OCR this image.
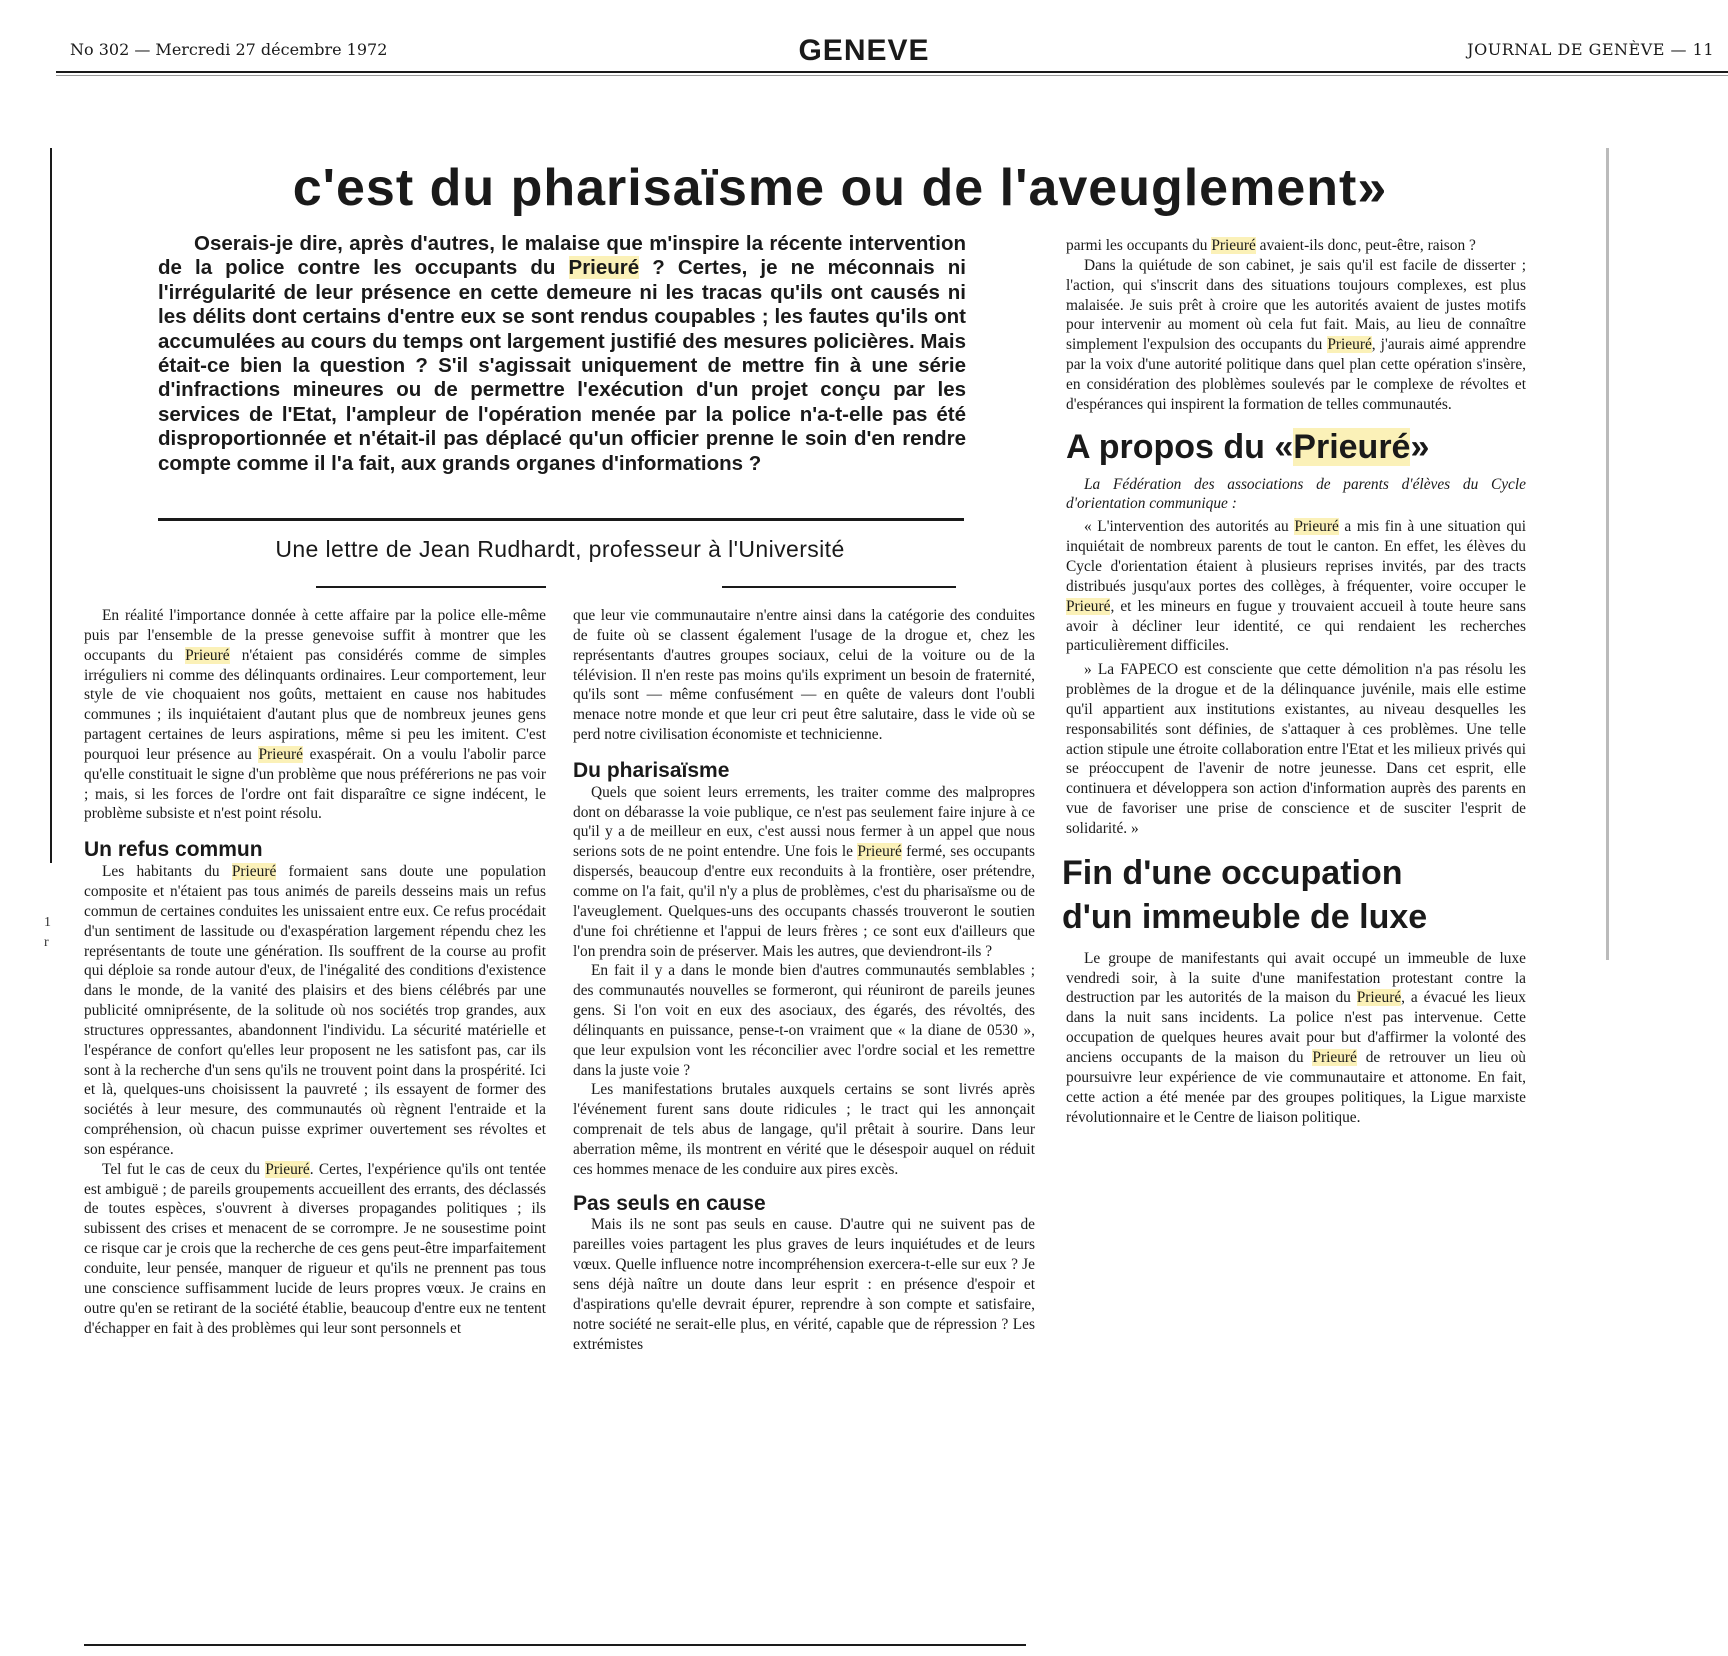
No 302 — Mercredi 27 décembre 1972	GENEVE	JOURNAL DE GENÈVE — 11
1
r
c'est du pharisaïsme ou de l'aveuglement»
Oserais-je dire, après d'autres, le malaise que m'inspire la récente intervention de la police contre les occupants du Prieuré ? Certes, je ne méconnais ni l'irrégularité de leur présence en cette demeure ni les tracas qu'ils ont causés ni les délits dont certains d'entre eux se sont rendus coupables ; les fautes qu'ils ont accumulées au cours du temps ont largement justifié des mesures policières. Mais était-ce bien la question ? S'il s'agissait uniquement de mettre fin à une série d'infractions mineures ou de permettre l'exécution d'un projet conçu par les services de l'Etat, l'ampleur de l'opération menée par la police n'a-t-elle pas été disproportionnée et n'était-il pas déplacé qu'un officier prenne le soin d'en rendre compte comme il l'a fait, aux grands organes d'informations ?
Une lettre de Jean Rudhardt, professeur à l'Université

En réalité l'importance donnée à cette affaire par la police elle-même puis par l'ensemble de la presse genevoise suffit à montrer que les occupants du Prieuré n'étaient pas considérés comme de simples irréguliers ni comme des délinquants ordinaires. Leur comportement, leur style de vie choquaient nos goûts, mettaient en cause nos habitudes communes ; ils inquiétaient d'autant plus que de nombreux jeunes gens partagent certaines de leurs aspirations, même si peu les imitent. C'est pourquoi leur présence au Prieuré exaspérait. On a voulu l'abolir parce qu'elle constituait le signe d'un problème que nous préférerions ne pas voir ; mais, si les forces de l'ordre ont fait disparaître ce signe indécent, le problème subsiste et n'est point résolu.

Un refus commun

Les habitants du Prieuré formaient sans doute une population composite et n'étaient pas tous animés de pareils desseins mais un refus commun de certaines conduites les unissaient entre eux. Ce refus procédait d'un sentiment de lassitude ou d'exaspération largement répendu chez les représentants de toute une génération. Ils souffrent de la course au profit qui déploie sa ronde autour d'eux, de l'inégalité des conditions d'existence dans le monde, de la vanité des plaisirs et des biens célébrés par une publicité omniprésente, de la solitude où nos sociétés trop grandes, aux structures oppressantes, abandonnent l'individu. La sécurité matérielle et l'espérance de confort qu'elles leur proposent ne les satisfont pas, car ils sont à la recherche d'un sens qu'ils ne trouvent point dans la prospérité. Ici et là, quelques-uns choisissent la pauvreté ; ils essayent de former des sociétés à leur mesure, des communautés où règnent l'entraide et la compréhension, où chacun puisse exprimer ouvertement ses révoltes et son espérance.

Tel fut le cas de ceux du Prieuré. Certes, l'expérience qu'ils ont tentée est ambiguë ; de pareils groupements accueillent des errants, des déclassés de toutes espèces, s'ouvrent à diverses propagandes politiques ; ils subissent des crises et menacent de se corrompre. Je ne sousestime point ce risque car je crois que la recherche de ces gens peut-être imparfaitement conduite, leur pensée, manquer de rigueur et qu'ils ne prennent pas tous une conscience suffisamment lucide de leurs propres vœux. Je crains en outre qu'en se retirant de la société établie, beaucoup d'entre eux ne tentent d'échapper en fait à des problèmes qui leur sont personnels et

que leur vie communautaire n'entre ainsi dans la catégorie des conduites de fuite où se classent également l'usage de la drogue et, chez les représentants d'autres groupes sociaux, celui de la voiture ou de la télévision. Il n'en reste pas moins qu'ils expriment un besoin de fraternité, qu'ils sont — même confusément — en quête de valeurs dont l'oubli menace notre monde et que leur cri peut être salutaire, dass le vide où se perd notre civilisation économiste et technicienne.

Du pharisaïsme

Quels que soient leurs errements, les traiter comme des malpropres dont on débarasse la voie publique, ce n'est pas seulement faire injure à ce qu'il y a de meilleur en eux, c'est aussi nous fermer à un appel que nous serions sots de ne point entendre. Une fois le Prieuré fermé, ses occupants dispersés, beaucoup d'entre eux reconduits à la frontière, oser prétendre, comme on l'a fait, qu'il n'y a plus de problèmes, c'est du pharisaïsme ou de l'aveuglement. Quelques-uns des occupants chassés trouveront le soutien d'une foi chrétienne et l'appui de leurs frères ; ce sont eux d'ailleurs que l'on prendra soin de préserver. Mais les autres, que deviendront-ils ?

En fait il y a dans le monde bien d'autres communautés semblables ; des communautés nouvelles se formeront, qui réuniront de pareils jeunes gens. Si l'on voit en eux des asociaux, des égarés, des révoltés, des délinquants en puissance, pense-t-on vraiment que « la diane de 0530 », que leur expulsion vont les réconcilier avec l'ordre social et les remettre dans la juste voie ?

Les manifestations brutales auxquels certains se sont livrés après l'événement furent sans doute ridicules ; le tract qui les annonçait comprenait de tels abus de langage, qu'il prêtait à sourire. Dans leur aberration même, ils montrent en vérité que le désespoir auquel on réduit ces hommes menace de les conduire aux pires excès.

Pas seuls en cause

Mais ils ne sont pas seuls en cause. D'autre qui ne suivent pas de pareilles voies partagent les plus graves de leurs inquiétudes et de leurs vœux. Quelle influence notre incompréhension exercera-t-elle sur eux ? Je sens déjà naître un doute dans leur esprit : en présence d'espoir et d'aspirations qu'elle devrait épurer, reprendre à son compte et satisfaire, notre société ne serait-elle plus, en vérité, capable que de répression ? Les extrémistes

parmi les occupants du Prieuré avaient-ils donc, peut-être, raison ?

Dans la quiétude de son cabinet, je sais qu'il est facile de disserter ; l'action, qui s'inscrit dans des situations toujours complexes, est plus malaisée. Je suis prêt à croire que les autorités avaient de justes motifs pour intervenir au moment où cela fut fait. Mais, au lieu de connaître simplement l'expulsion des occupants du Prieuré, j'aurais aimé apprendre par la voix d'une autorité politique dans quel plan cette opération s'insère, en considération des ploblèmes soulevés par le complexe de révoltes et d'espérances qui inspirent la formation de telles communautés.

A propos du «Prieuré»

La Fédération des associations de parents d'élèves du Cycle d'orientation communique :

« L'intervention des autorités au Prieuré a mis fin à une situation qui inquiétait de nombreux parents de tout le canton. En effet, les élèves du Cycle d'orientation étaient à plusieurs reprises invités, par des tracts distribués jusqu'aux portes des collèges, à fréquenter, voire occuper le Prieuré, et les mineurs en fugue y trouvaient accueil à toute heure sans avoir à décliner leur identité, ce qui rendaient les recherches particulièrement difficiles.

» La FAPECO est consciente que cette démolition n'a pas résolu les problèmes de la drogue et de la délinquance juvénile, mais elle estime qu'il appartient aux institutions existantes, au niveau desquelles les responsabilités sont définies, de s'attaquer à ces problèmes. Une telle action stipule une étroite collaboration entre l'Etat et les milieux privés qui se préoccupent de l'avenir de notre jeunesse. Dans cet esprit, elle continuera et développera son action d'information auprès des parents en vue de favoriser une prise de conscience et de susciter l'esprit de solidarité. »

Fin d'une occupation
d'un immeuble de luxe

Le groupe de manifestants qui avait occupé un immeuble de luxe vendredi soir, à la suite d'une manifestation protestant contre la destruction par les autorités de la maison du Prieuré, a évacué les lieux dans la nuit sans incidents. La police n'est pas intervenue. Cette occupation de quelques heures avait pour but d'affirmer la volonté des anciens occupants de la maison du Prieuré de retrouver un lieu où poursuivre leur expérience de vie communautaire et attonome. En fait, cette action a été menée par des groupes politiques, la Ligue marxiste révolutionnaire et le Centre de liaison politique.
